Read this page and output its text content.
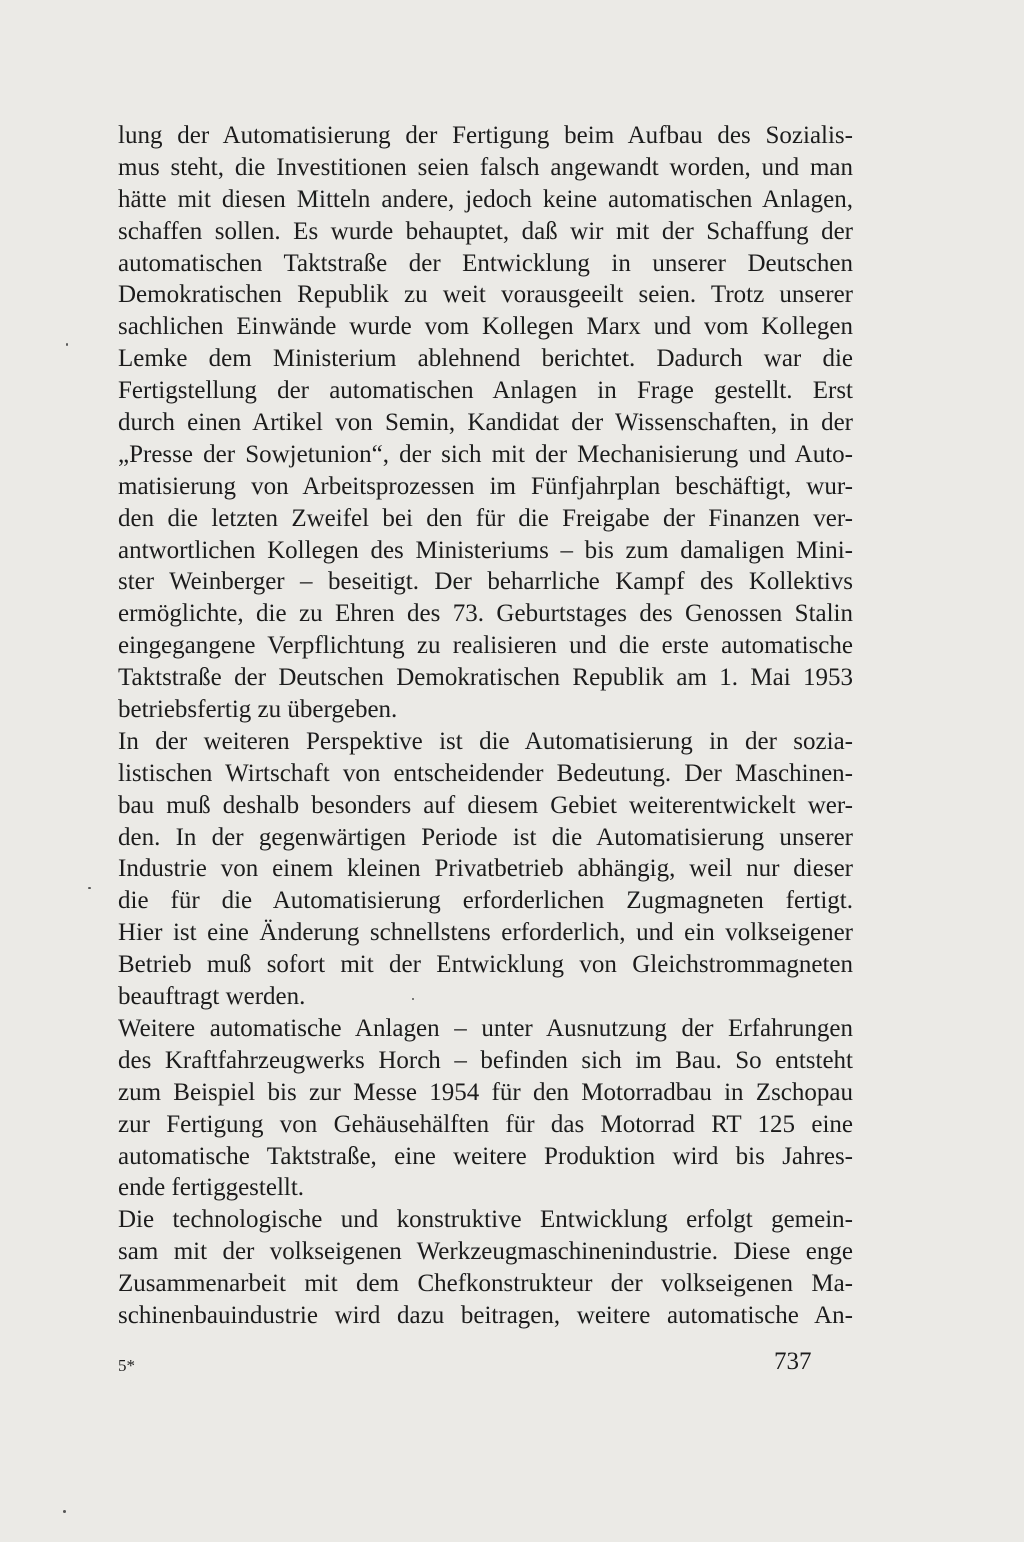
lung der Automatisierung der Fertigung beim Aufbau des Sozialis-
mus steht, die Investitionen seien falsch angewandt worden, und man
hätte mit diesen Mitteln andere, jedoch keine automatischen Anlagen,
schaffen sollen. Es wurde behauptet, daß wir mit der Schaffung der
automatischen Taktstraße der Entwicklung in unserer Deutschen
Demokratischen Republik zu weit vorausgeeilt seien. Trotz unserer
sachlichen Einwände wurde vom Kollegen Marx und vom Kollegen
Lemke dem Ministerium ablehnend berichtet. Dadurch war die
Fertigstellung der automatischen Anlagen in Frage gestellt. Erst
durch einen Artikel von Semin, Kandidat der Wissenschaften, in der
„Presse der Sowjetunion“, der sich mit der Mechanisierung und Auto-
matisierung von Arbeitsprozessen im Fünfjahrplan beschäftigt, wur-
den die letzten Zweifel bei den für die Freigabe der Finanzen ver-
antwortlichen Kollegen des Ministeriums – bis zum damaligen Mini-
ster Weinberger – beseitigt. Der beharrliche Kampf des Kollektivs
ermöglichte, die zu Ehren des 73. Geburtstages des Genossen Stalin
eingegangene Verpflichtung zu realisieren und die erste automatische
Taktstraße der Deutschen Demokratischen Republik am 1. Mai 1953
betriebsfertig zu übergeben.
In der weiteren Perspektive ist die Automatisierung in der sozia-
listischen Wirtschaft von entscheidender Bedeutung. Der Maschinen-
bau muß deshalb besonders auf diesem Gebiet weiterentwickelt wer-
den. In der gegenwärtigen Periode ist die Automatisierung unserer
Industrie von einem kleinen Privatbetrieb abhängig, weil nur dieser
die für die Automatisierung erforderlichen Zugmagneten fertigt.
Hier ist eine Änderung schnellstens erforderlich, und ein volkseigener
Betrieb muß sofort mit der Entwicklung von Gleichstrommagneten
beauftragt werden.
Weitere automatische Anlagen – unter Ausnutzung der Erfahrungen
des Kraftfahrzeugwerks Horch – befinden sich im Bau. So entsteht
zum Beispiel bis zur Messe 1954 für den Motorradbau in Zschopau
zur Fertigung von Gehäusehälften für das Motorrad RT 125 eine
automatische Taktstraße, eine weitere Produktion wird bis Jahres-
ende fertiggestellt.
Die technologische und konstruktive Entwicklung erfolgt gemein-
sam mit der volkseigenen Werkzeugmaschinenindustrie. Diese enge
Zusammenarbeit mit dem Chefkonstrukteur der volkseigenen Ma-
schinenbauindustrie wird dazu beitragen, weitere automatische An-
5*	737
